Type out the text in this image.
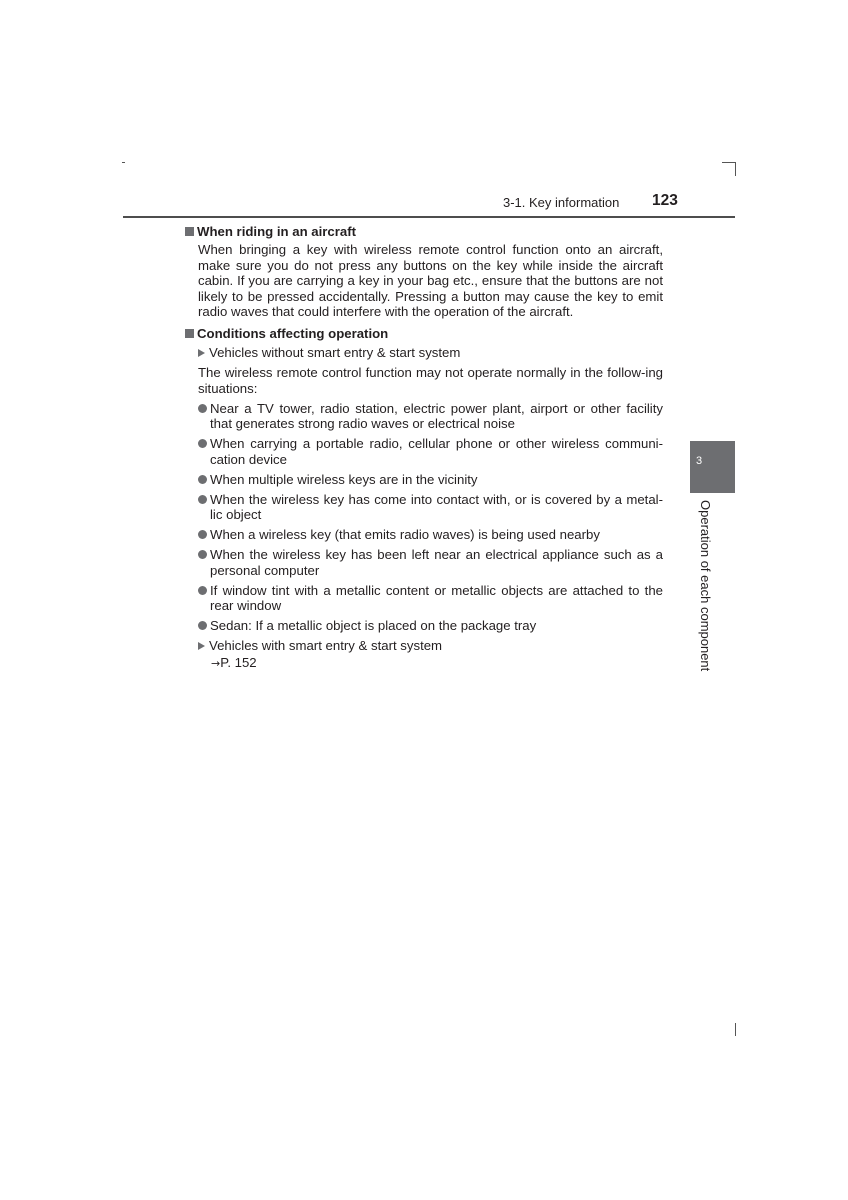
3-1. Key information 123
3
Operation of each component
When riding in an aircraft

When bringing a key with wireless remote control function onto an aircraft, make sure you do not press any buttons on the key while inside the aircraft cabin. If you are carrying a key in your bag etc., ensure that the buttons are not likely to be pressed accidentally. Pressing a button may cause the key to emit radio waves that could interfere with the operation of the aircraft.

Conditions affecting operation
Vehicles without smart entry & start system

The wireless remote control function may not operate normally in the follow-ing situations:

Near a TV tower, radio station, electric power plant, airport or other facility that generates strong radio waves or electrical noise
When carrying a portable radio, cellular phone or other wireless communi-cation device
When multiple wireless keys are in the vicinity
When the wireless key has come into contact with, or is covered by a metal-lic object
When a wireless key (that emits radio waves) is being used nearby
When the wireless key has been left near an electrical appliance such as a personal computer
If window tint with a metallic content or metallic objects are attached to the rear window
Sedan: If a metallic object is placed on the package tray
Vehicles with smart entry & start system
→P. 152
